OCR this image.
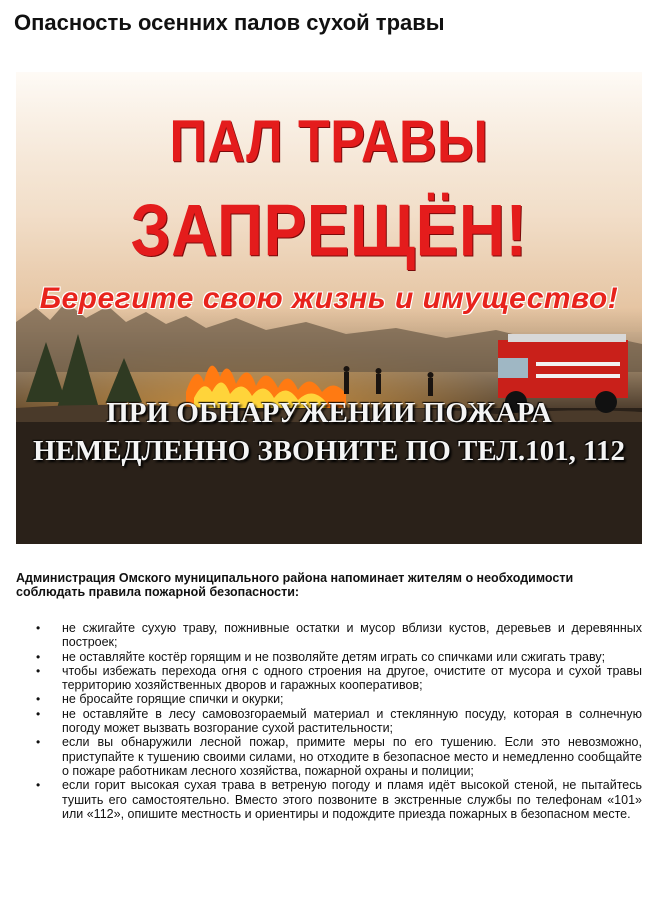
Опасность осенних палов сухой травы
ПАЛ ТРАВЫ
ЗАПРЕЩЁН!
Берегите свою жизнь и имущество!
ПРИ ОБНАРУЖЕНИИ ПОЖАРА
НЕМЕДЛЕННО ЗВОНИТЕ ПО ТЕЛ.101, 112

Администрация Омского муниципального района напоминает жителям о необходимости соблюдать правила пожарной безопасности:

• не сжигайте сухую траву, пожнивные остатки и мусор вблизи кустов, деревьев и деревянных построек;
• не оставляйте костёр горящим и не позволяйте детям играть со спичками или сжигать траву;
• чтобы избежать перехода огня с одного строения на другое, очистите от мусора и сухой травы территорию хозяйственных дворов и гаражных кооперативов;
• не бросайте горящие спички и окурки;
• не оставляйте в лесу самовозгораемый материал и стеклянную посуду, которая в солнечную погоду может вызвать возгорание сухой растительности;
• если вы обнаружили лесной пожар, примите меры по его тушению. Если это невозможно, приступайте к тушению своими силами, но отходите в безопасное место и немедленно сообщайте о пожаре работникам лесного хозяйства, пожарной охраны и полиции;
• если горит высокая сухая трава в ветреную погоду и пламя идёт высокой стеной, не пытайтесь тушить его самостоятельно. Вместо этого позвоните в экстренные службы по телефонам «101» или «112», опишите местность и ориентиры и подождите приезда пожарных в безопасном месте.
